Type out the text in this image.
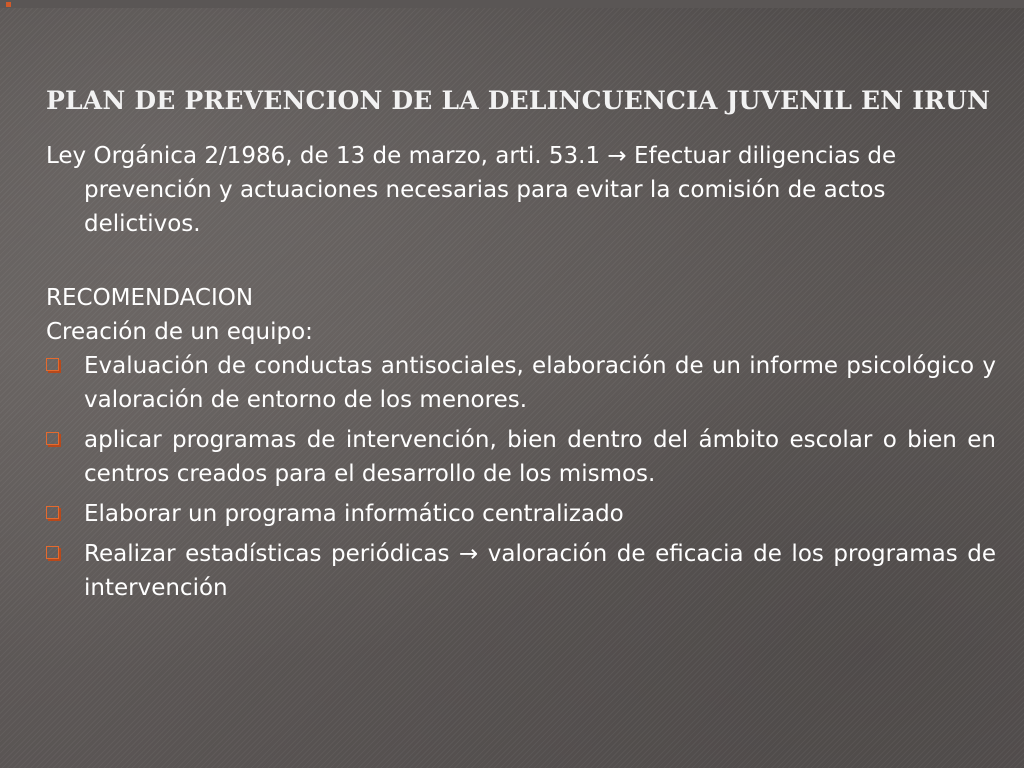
PLAN DE PREVENCION DE LA DELINCUENCIA JUVENIL EN IRUN

Ley Orgánica 2/1986, de 13 de marzo, arti. 53.1 → Efectuar diligencias de prevención y actuaciones necesarias para evitar la comisión de actos delictivos.

RECOMENDACION

Creación de un equipo:

Evaluación de conductas antisociales, elaboración de un informe psicológico y valoración de entorno de los menores.
aplicar programas de intervención, bien dentro del ámbito escolar o bien en centros creados para el desarrollo de los mismos.
Elaborar un programa informático centralizado
Realizar estadísticas periódicas → valoración de eficacia de los programas de intervención
